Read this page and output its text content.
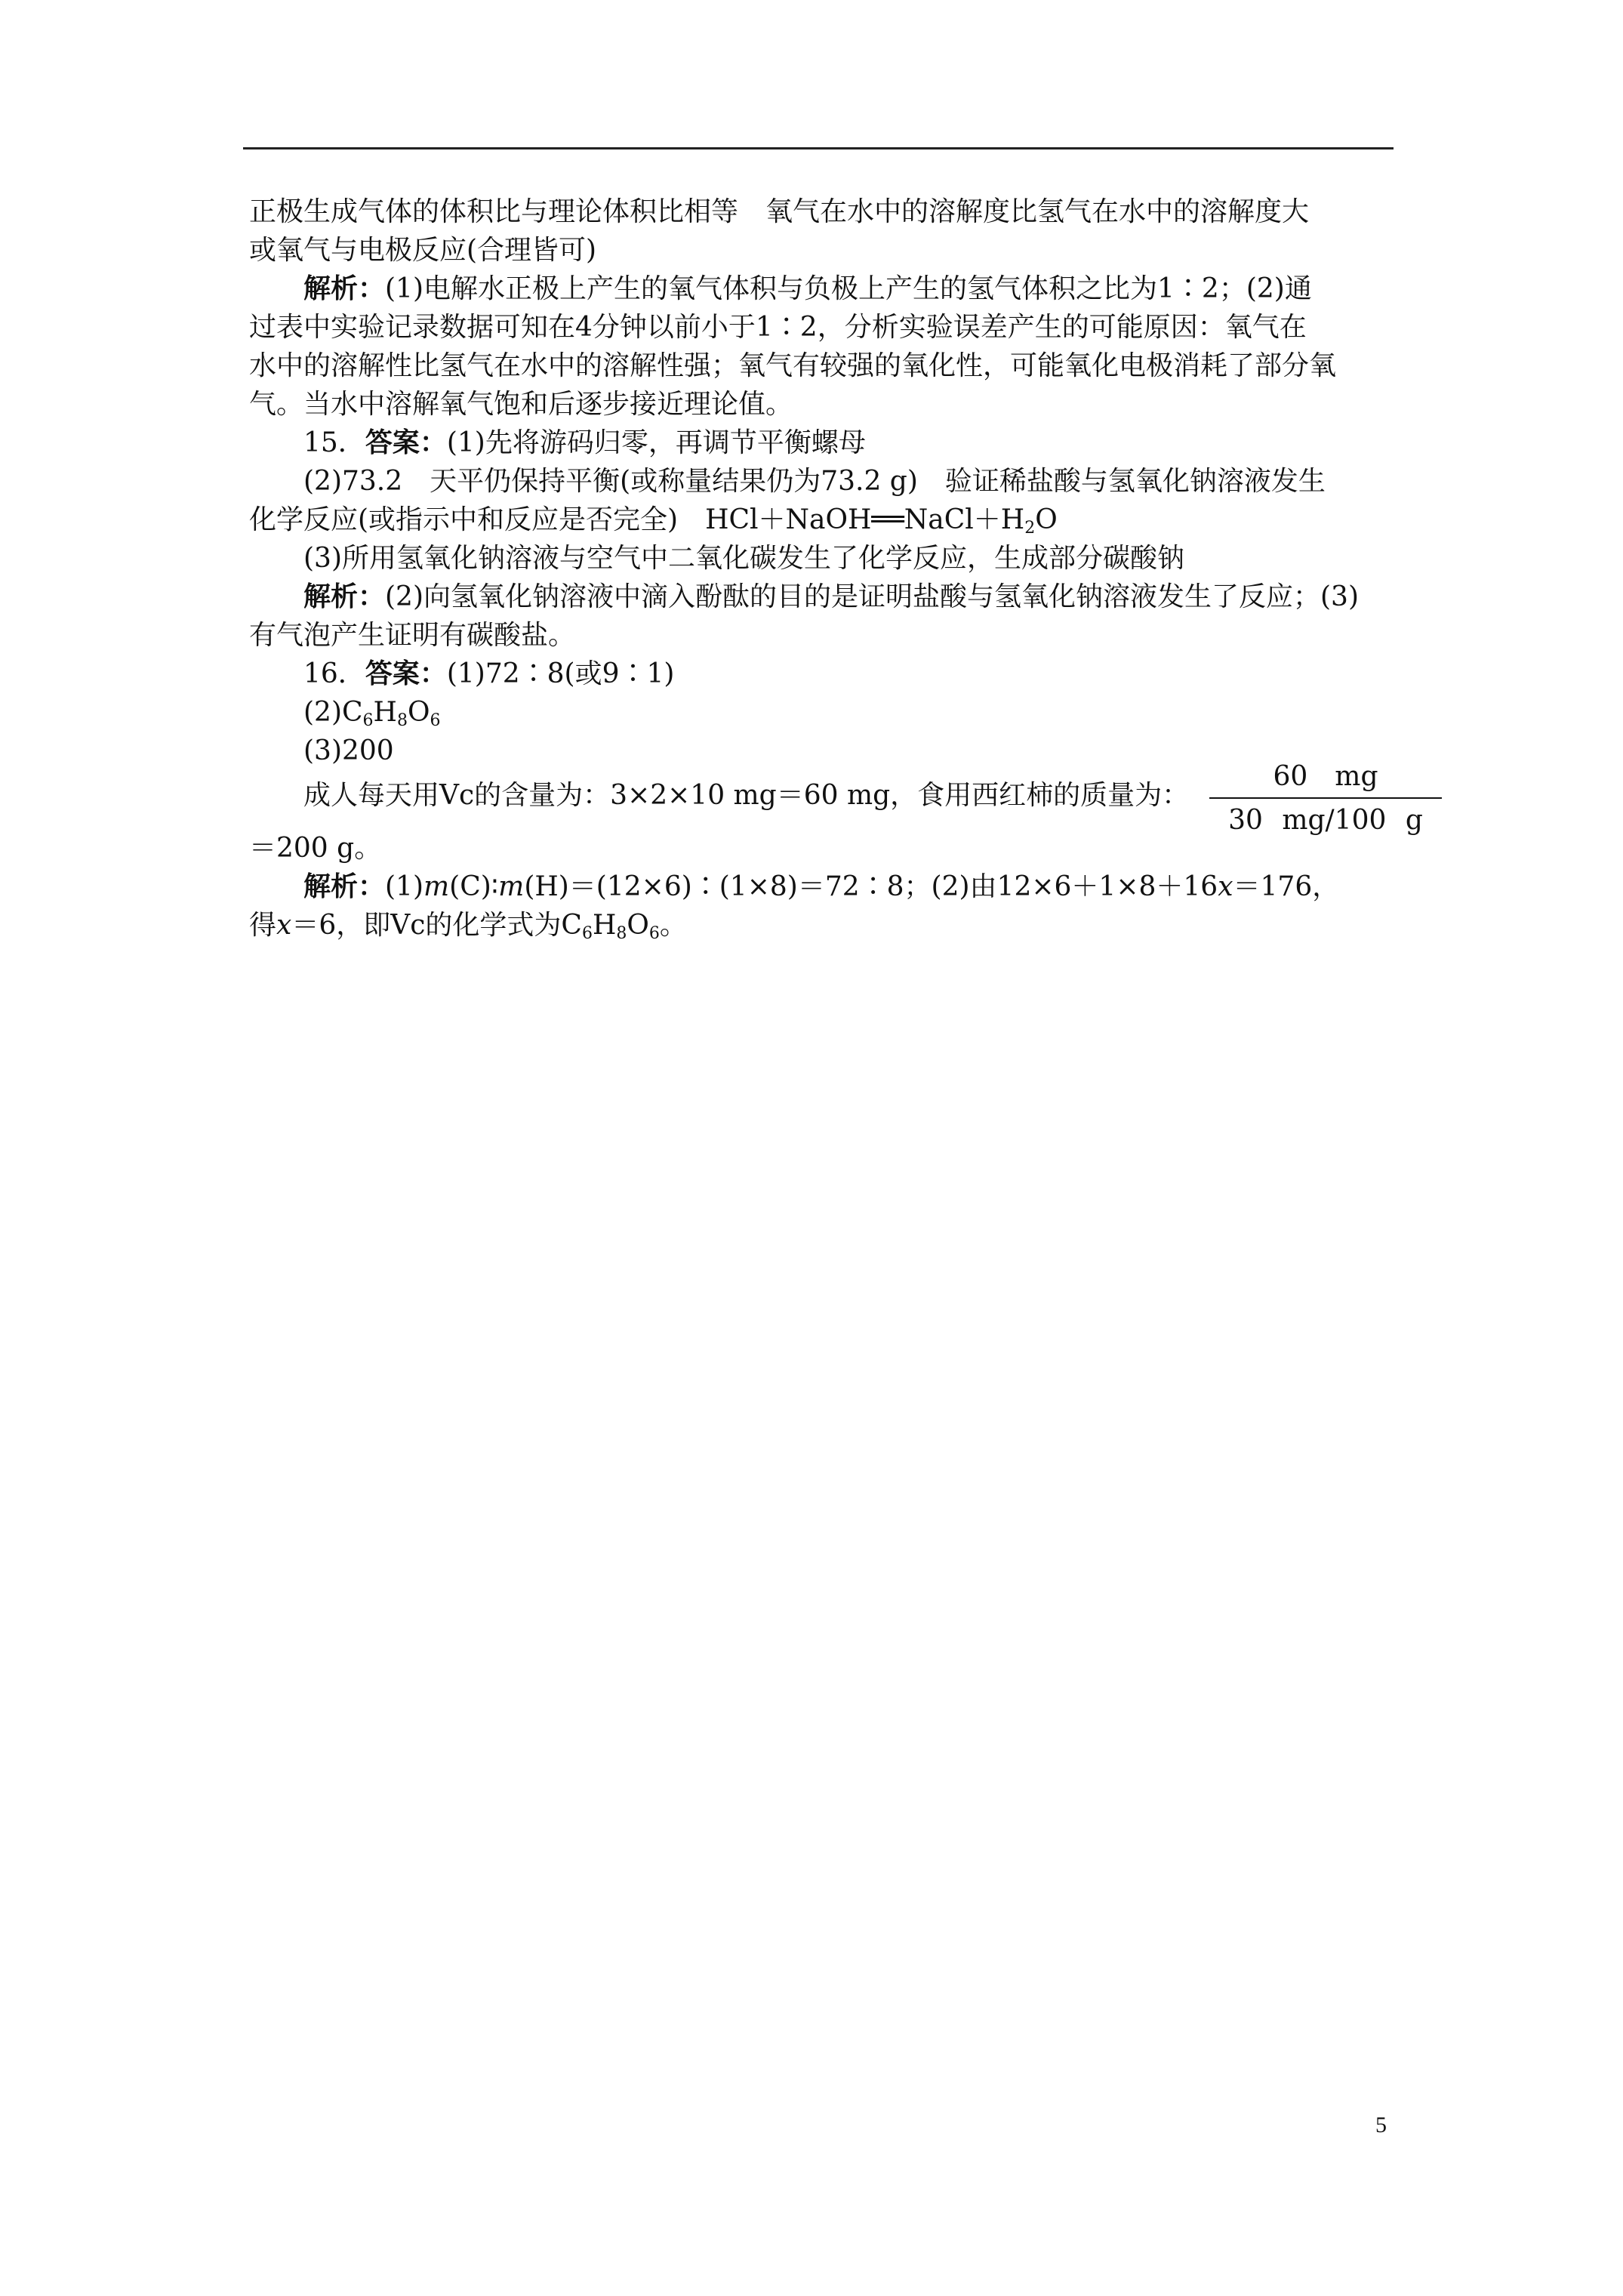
正极生成气体的体积比与理论体积比相等　氧气在水中的溶解度比氢气在水中的溶解度大
或氧气与电极反应(合理皆可)
解析：(1)电解水正极上产生的氧气体积与负极上产生的氢气体积之比为1∶2；(2)通
过表中实验记录数据可知在4分钟以前小于1∶2，分析实验误差产生的可能原因：氧气在
水中的溶解性比氢气在水中的溶解性强；氧气有较强的氧化性，可能氧化电极消耗了部分氧
气。当水中溶解氧气饱和后逐步接近理论值。
15．答案：(1)先将游码归零，再调节平衡螺母
(2)73.2　天平仍保持平衡(或称量结果仍为73.2 g)　验证稀盐酸与氢氧化钠溶液发生
化学反应(或指示中和反应是否完全)　$HCl+NaOH══NaCl+H_2O$
(3)所用氢氧化钠溶液与空气中二氧化碳发生了化学反应，生成部分碳酸钠
解析：(2)向氢氧化钠溶液中滴入酚酞的目的是证明盐酸与氢氧化钠溶液发生了反应；(3)
有气泡产生证明有碳酸盐。
16．答案：(1)72∶8(或9∶1)
$(2)C_6H_8O_6$
(3)200
成人每天用Vc的含量为：3×2×10 mg＝60 mg，食用西红柿的质量为：
60　mg
30 mg/100 g
＝200 g。
解析：(1)m(C)∶m(H)＝(12×6)∶(1×8)＝72∶8；(2)由12×6＋1×8＋16x＝176，
得x＝6，即Vc的化学式为$C_6H_8O_6$。
5
